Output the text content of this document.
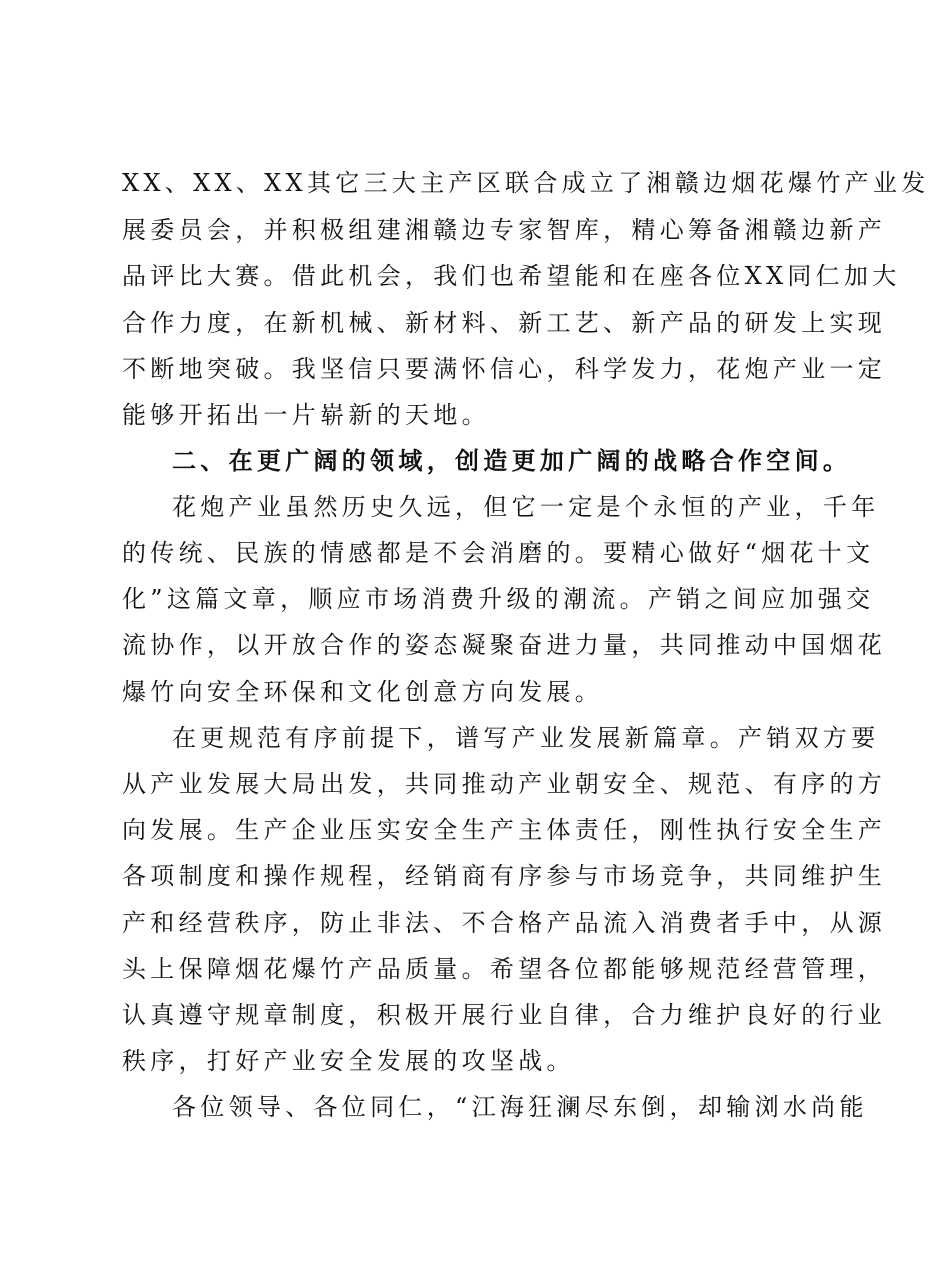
XX、XX、XX其它三大主产区联合成立了湘赣边烟花爆竹产业发
展委员会，并积极组建湘赣边专家智库，精心筹备湘赣边新产
品评比大赛。借此机会，我们也希望能和在座各位XX同仁加大
合作力度，在新机械、新材料、新工艺、新产品的研发上实现
不断地突破。我坚信只要满怀信心，科学发力，花炮产业一定
能够开拓出一片崭新的天地。
二、在更广阔的领域，创造更加广阔的战略合作空间。
花炮产业虽然历史久远，但它一定是个永恒的产业，千年
的传统、民族的情感都是不会消磨的。要精心做好“烟花十文
化”这篇文章，顺应市场消费升级的潮流。产销之间应加强交
流协作，以开放合作的姿态凝聚奋进力量，共同推动中国烟花
爆竹向安全环保和文化创意方向发展。
在更规范有序前提下，谱写产业发展新篇章。产销双方要
从产业发展大局出发，共同推动产业朝安全、规范、有序的方
向发展。生产企业压实安全生产主体责任，刚性执行安全生产
各项制度和操作规程，经销商有序参与市场竞争，共同维护生
产和经营秩序，防止非法、不合格产品流入消费者手中，从源
头上保障烟花爆竹产品质量。希望各位都能够规范经营管理，
认真遵守规章制度，积极开展行业自律，合力维护良好的行业
秩序，打好产业安全发展的攻坚战。
各位领导、各位同仁，“江海狂澜尽东倒，却输浏水尚能
